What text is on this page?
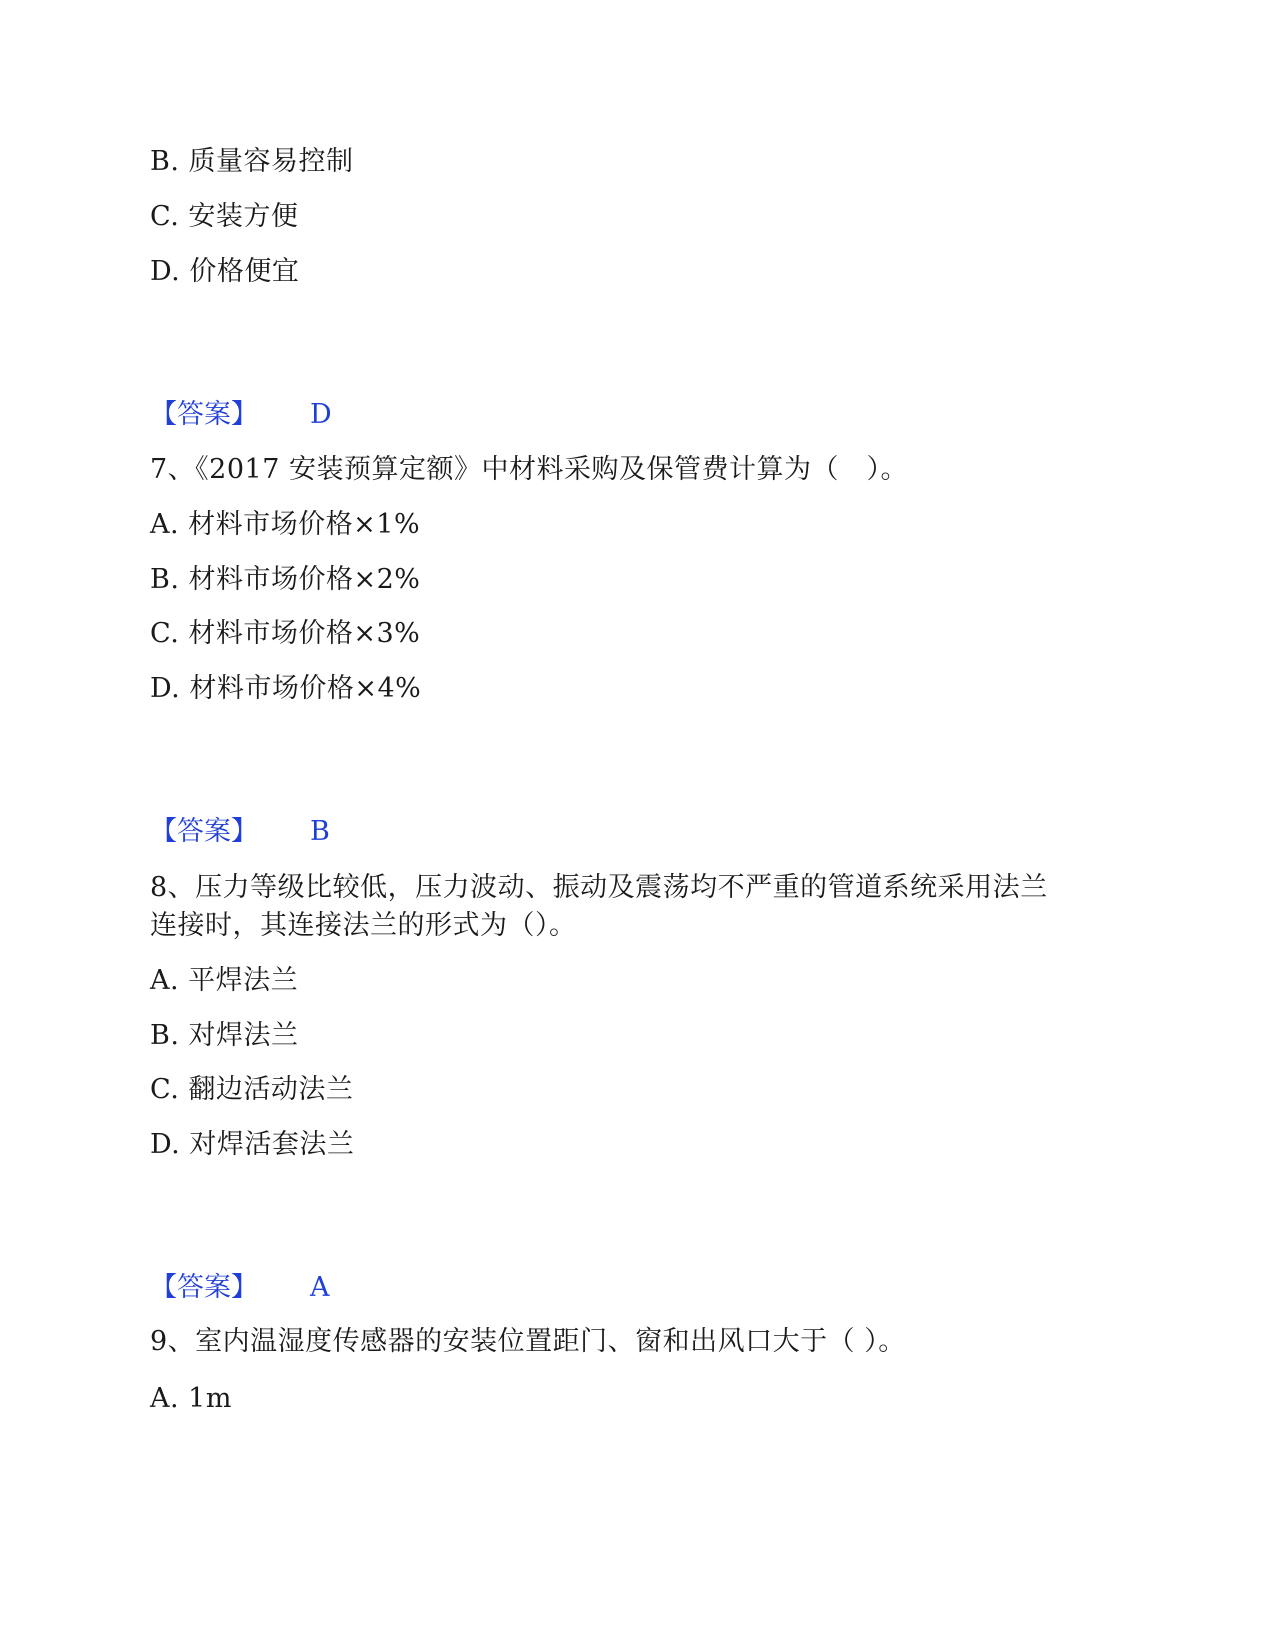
B. 质量容易控制
C. 安装方便
D. 价格便宜
【答案】 D
7、《2017 安装预算定额》中材料采购及保管费计算为（　）。
A. 材料市场价格×1%
B. 材料市场价格×2%
C. 材料市场价格×3%
D. 材料市场价格×4%
【答案】 B
8、压力等级比较低，压力波动、振动及震荡均不严重的管道系统采用法兰
连接时，其连接法兰的形式为（）。
A. 平焊法兰
B. 对焊法兰
C. 翻边活动法兰
D. 对焊活套法兰
【答案】 A
9、室内温湿度传感器的安装位置距门、窗和出风口大于（ ）。
A. 1m
